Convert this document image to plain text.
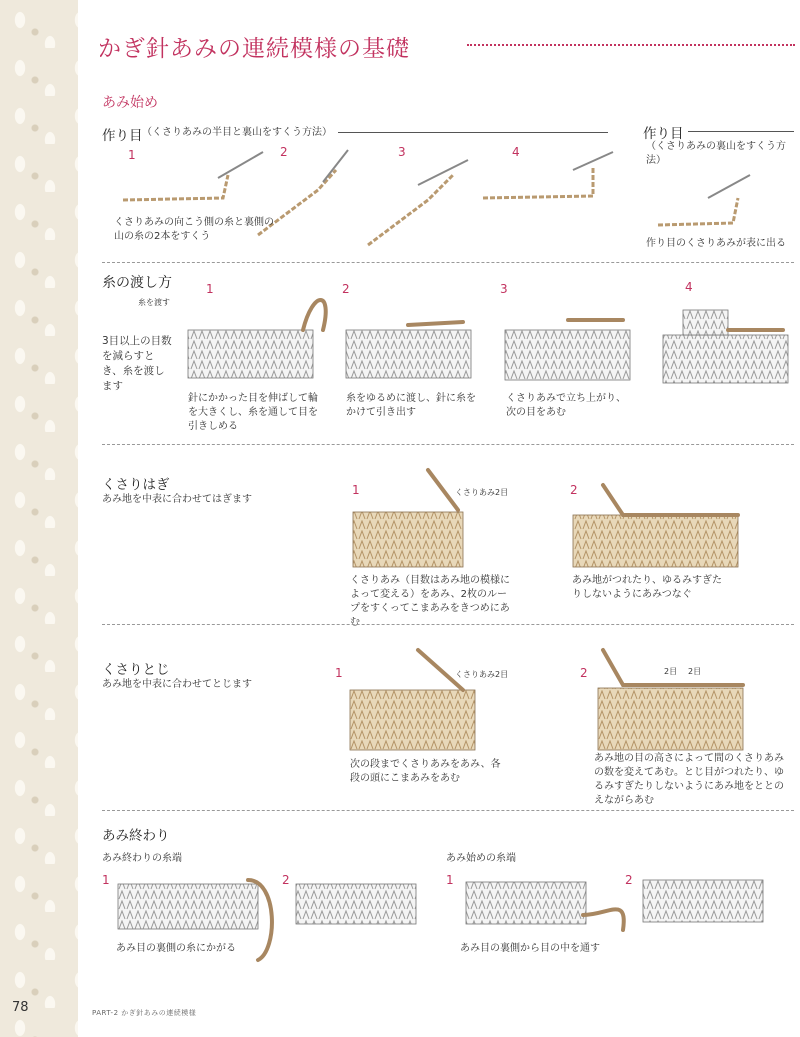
かぎ針あみの連続模様の基礎
あみ始め
作り目 （くさりあみの半目と裏山をすくう方法）	作り目
（くさりあみの裏山をすくう方法）
1	2	3	4
くさりあみの向こう側の糸と裏側の山の糸の2本をすくう
作り目のくさりあみが表に出る
糸の渡し方
糸を渡す
3目以上の目数を減らすとき、糸を渡します
1	2	3	4
針にかかった目を伸ばして輪を大きくし、糸を通して目を引きしめる
糸をゆるめに渡し、針に糸をかけて引き出す
くさりあみで立ち上がり、次の目をあむ
くさりはぎ
あみ地を中表に合わせてはぎます
1	2
くさりあみ2目
くさりあみ（目数はあみ地の模様によって変える）をあみ、2枚のループをすくってこまあみをきつめにあむ
あみ地がつれたり、ゆるみすぎたりしないようにあみつなぐ
くさりとじ
あみ地を中表に合わせてとじます
1	2
くさりあみ2目	2目 2目
次の段までくさりあみをあみ、各段の頭にこまあみをあむ
あみ地の目の高さによって間のくさりあみの数を変えてあむ。とじ目がつれたり、ゆるみすぎたりしないようにあみ地をととのえながらあむ
あみ終わり
あみ終わりの糸端	あみ始めの糸端
1	2	1	2
あみ目の裏側の糸にかがる	あみ目の裏側から目の中を通す
78	PART-2 かぎ針あみの連続模様
